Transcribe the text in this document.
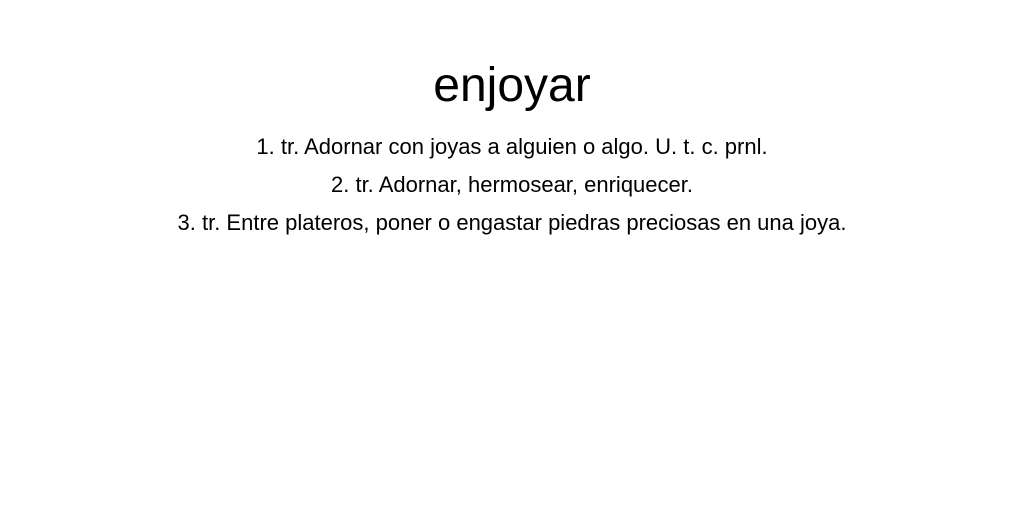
enjoyar
1. tr. Adornar con joyas a alguien o algo. U. t. c. prnl.
2. tr. Adornar, hermosear, enriquecer.
3. tr. Entre plateros, poner o engastar piedras preciosas en una joya.
